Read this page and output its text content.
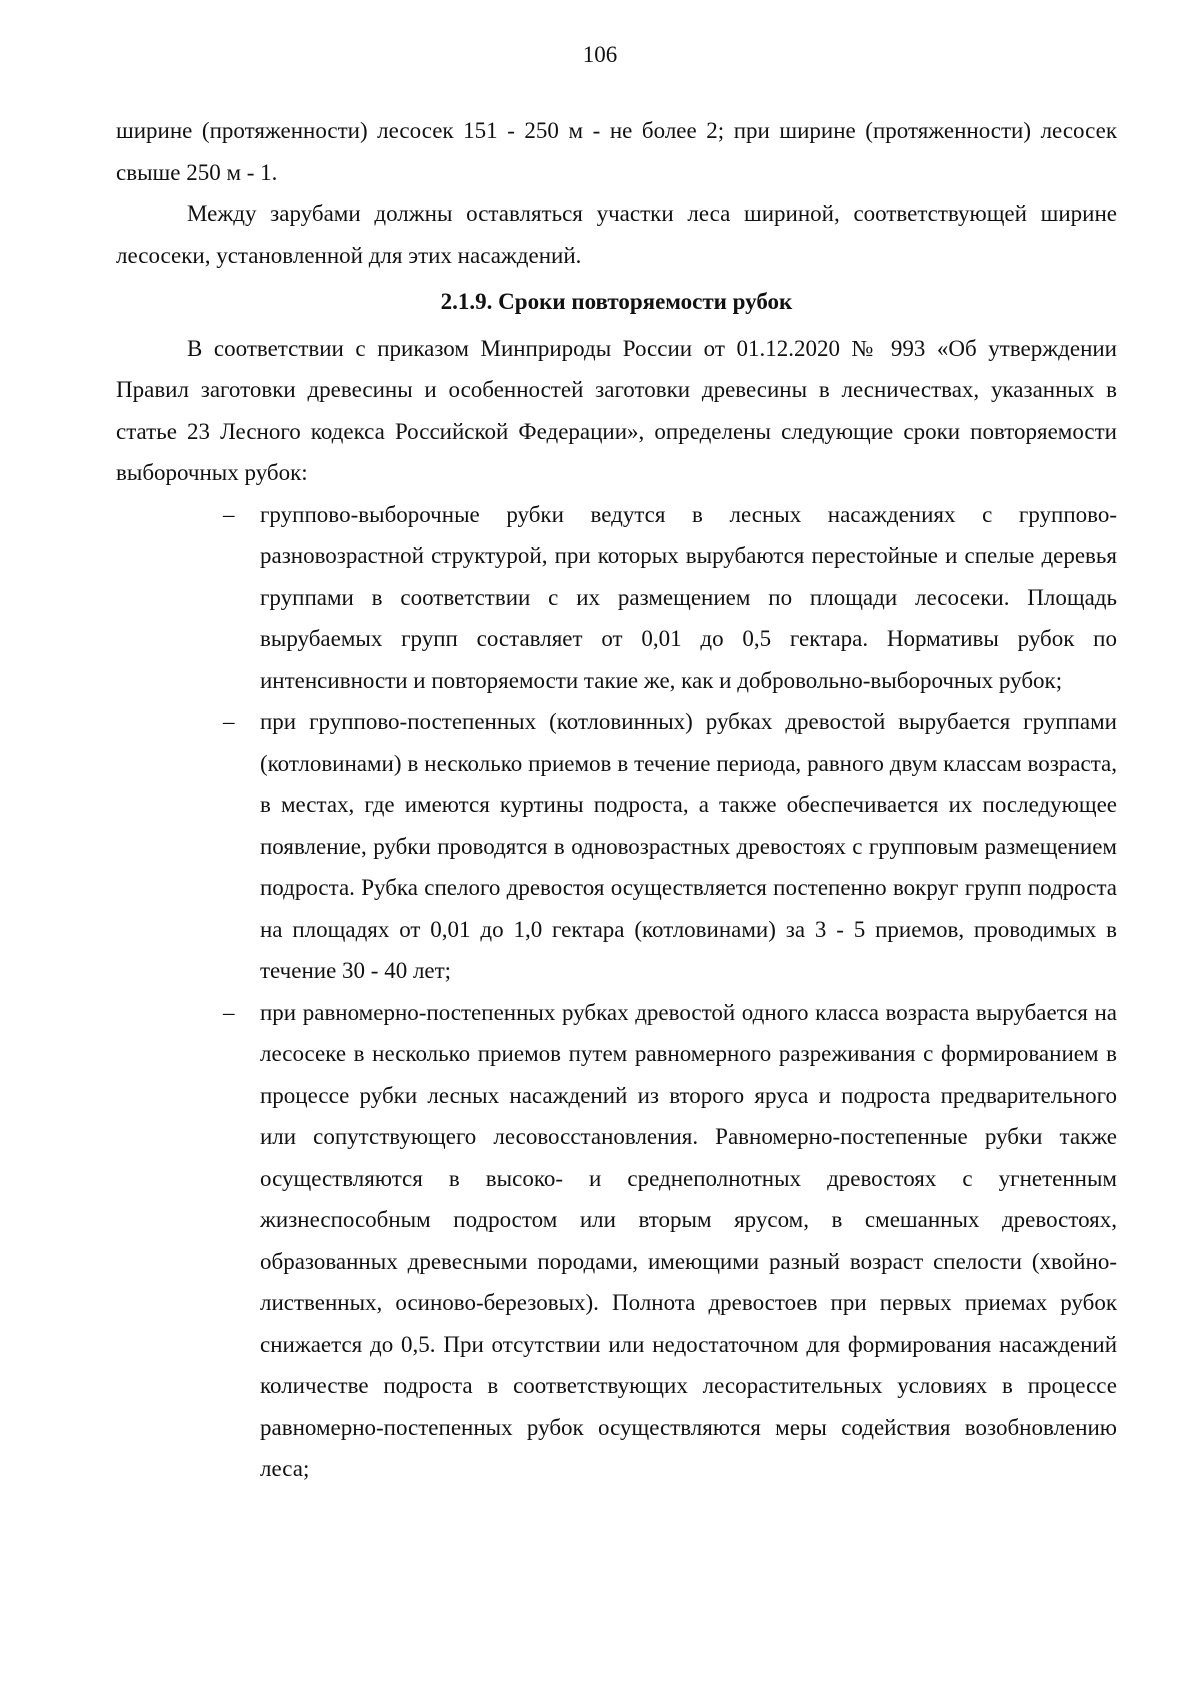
106

ширине (протяженности) лесосек 151 - 250 м - не более 2; при ширине (протяженности) лесосек свыше 250 м - 1.

Между зарубами должны оставляться участки леса шириной, соответствующей ширине лесосеки, установленной для этих насаждений.

2.1.9. Сроки повторяемости рубок

В соответствии с приказом Минприроды России от 01.12.2020 № 993 «Об утверждении Правил заготовки древесины и особенностей заготовки древесины в лесничествах, указанных в статье 23 Лесного кодекса Российской Федерации», определены следующие сроки повторяемости выборочных рубок:

– групповo-выборочные рубки ведутся в лесных насаждениях с группово-разновозрастной структурой, при которых вырубаются перестойные и спелые деревья группами в соответствии с их размещением по площади лесосеки. Площадь вырубаемых групп составляет от 0,01 до 0,5 гектара. Нормативы рубок по интенсивности и повторяемости такие же, как и добровольно-выборочных рубок;
– при группово-постепенных (котловинных) рубках древостой вырубается группами (котловинами) в несколько приемов в течение периода, равного двум классам возраста, в местах, где имеются куртины подроста, а также обеспечивается их последующее появление, рубки проводятся в одновозрастных древостоях с групповым размещением подроста. Рубка спелого древостоя осуществляется постепенно вокруг групп подроста на площадях от 0,01 до 1,0 гектара (котловинами) за 3 - 5 приемов, проводимых в течение 30 - 40 лет;
– при равномерно-постепенных рубках древостой одного класса возраста вырубается на лесосеке в несколько приемов путем равномерного разреживания с формированием в процессе рубки лесных насаждений из второго яруса и подроста предварительного или сопутствующего лесовосстановления. Равномерно-постепенные рубки также осуществляются в высоко- и среднеполнотных древостоях с угнетенным жизнеспособным подростом или вторым ярусом, в смешанных древостоях, образованных древесными породами, имеющими разный возраст спелости (хвойно-лиственных, осиново-березовых). Полнота древостоев при первых приемах рубок снижается до 0,5. При отсутствии или недостаточном для формирования насаждений количестве подроста в соответствующих лесорастительных условиях в процессе равномерно-постепенных рубок осуществляются меры содействия возобновлению леса;
